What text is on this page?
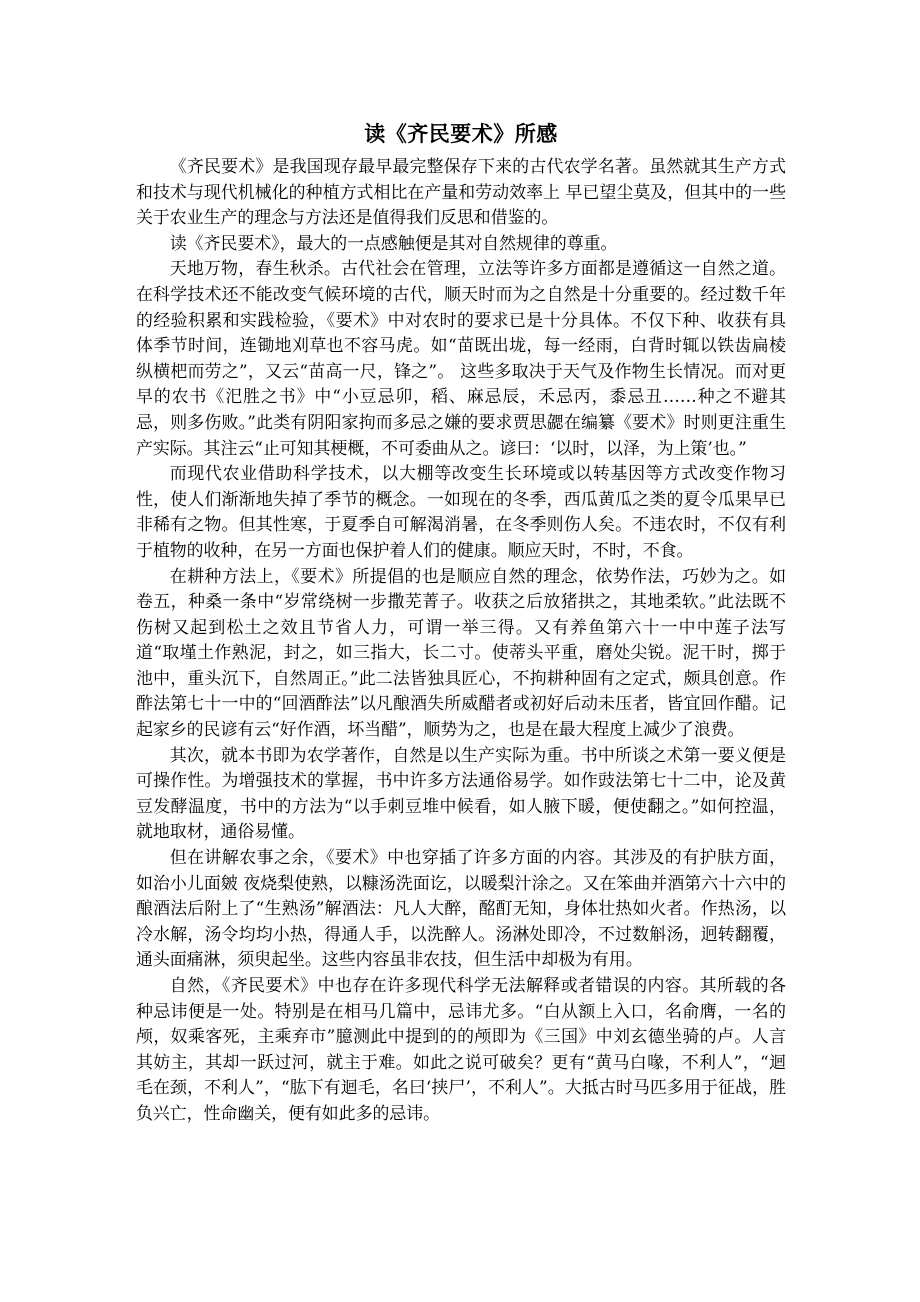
读《齐民要术》所感

《齐民要术》是我国现存最早最完整保存下来的古代农学名著。虽然就其生产方式和技术与现代机械化的种植方式相比在产量和劳动效率上 早已望尘莫及，但其中的一些关于农业生产的理念与方法还是值得我们反思和借鉴的。

读《齐民要术》，最大的一点感触便是其对自然规律的尊重。

天地万物，春生秋杀。古代社会在管理，立法等许多方面都是遵循这一自然之道。在科学技术还不能改变气候环境的古代，顺天时而为之自然是十分重要的。经过数千年的经验积累和实践检验，《要术》中对农时的要求已是十分具体。不仅下种、收获有具体季节时间，连锄地刈草也不容马虎。如“苗既出垅，每一经雨，白背时辄以铁齿扁棱纵横杷而劳之”，又云“苗高一尺，锋之”。 这些多取决于天气及作物生长情况。而对更早的农书《汜胜之书》中“小豆忌卯，稻、麻忌辰，禾忌丙，黍忌丑……种之不避其忌，则多伤败。”此类有阴阳家拘而多忌之嫌的要求贾思勰在编纂《要术》时则更注重生产实际。其注云“止可知其梗概，不可委曲从之。谚曰：‘以时，以泽，为上策’也。”

而现代农业借助科学技术，以大棚等改变生长环境或以转基因等方式改变作物习性，使人们渐渐地失掉了季节的概念。一如现在的冬季，西瓜黄瓜之类的夏令瓜果早已非稀有之物。但其性寒，于夏季自可解渴消暑，在冬季则伤人矣。不违农时，不仅有利于植物的收种，在另一方面也保护着人们的健康。顺应天时，不时，不食。

在耕种方法上，《要术》所提倡的也是顺应自然的理念，依势作法，巧妙为之。如卷五，种桑一条中“岁常绕树一步撒芜菁子。收获之后放猪拱之，其地柔软。”此法既不伤树又起到松土之效且节省人力，可谓一举三得。又有养鱼第六十一中中莲子法写道“取墐土作熟泥，封之，如三指大，长二寸。使蒂头平重，磨处尖锐。泥干时，掷于池中，重头沉下，自然周正。”此二法皆独具匠心，不拘耕种固有之定式，颇具创意。作酢法第七十一中的“回酒酢法”以凡酿酒失所威醋者或初好后动未压者，皆宜回作醋。记起家乡的民谚有云“好作酒，坏当醋”，顺势为之，也是在最大程度上减少了浪费。

其次，就本书即为农学著作，自然是以生产实际为重。书中所谈之术第一要义便是可操作性。为增强技术的掌握，书中许多方法通俗易学。如作豉法第七十二中，论及黄豆发酵温度，书中的方法为“以手刺豆堆中候看，如人腋下暖，便使翻之。”如何控温，就地取材，通俗易懂。

但在讲解农事之余，《要术》中也穿插了许多方面的内容。其涉及的有护肤方面，如治小儿面皴 夜烧梨使熟，以糠汤洗面讫，以暖梨汁涂之。又在笨曲并酒第六十六中的酿酒法后附上了“生熟汤”解酒法：凡人大醉，酩酊无知，身体壮热如火者。作热汤，以冷水解，汤令均均小热，得通人手，以洗醉人。汤淋处即冷，不过数斛汤，迥转翻覆，通头面痛淋，须臾起坐。这些内容虽非农技，但生活中却极为有用。

自然，《齐民要术》中也存在许多现代科学无法解释或者错误的内容。其所载的各种忌讳便是一处。特别是在相马几篇中，忌讳尤多。“白从额上入口，名俞膺，一名的颅，奴乘客死，主乘弃市”臆测此中提到的的颅即为《三国》中刘玄德坐骑的卢。人言其妨主，其却一跃过河，就主于难。如此之说可破矣？更有“黄马白喙，不利人”，“迴毛在颈，不利人”，“肱下有迴毛，名曰‘挟尸’，不利人”。大抵古时马匹多用于征战，胜负兴亡，性命幽关，便有如此多的忌讳。
